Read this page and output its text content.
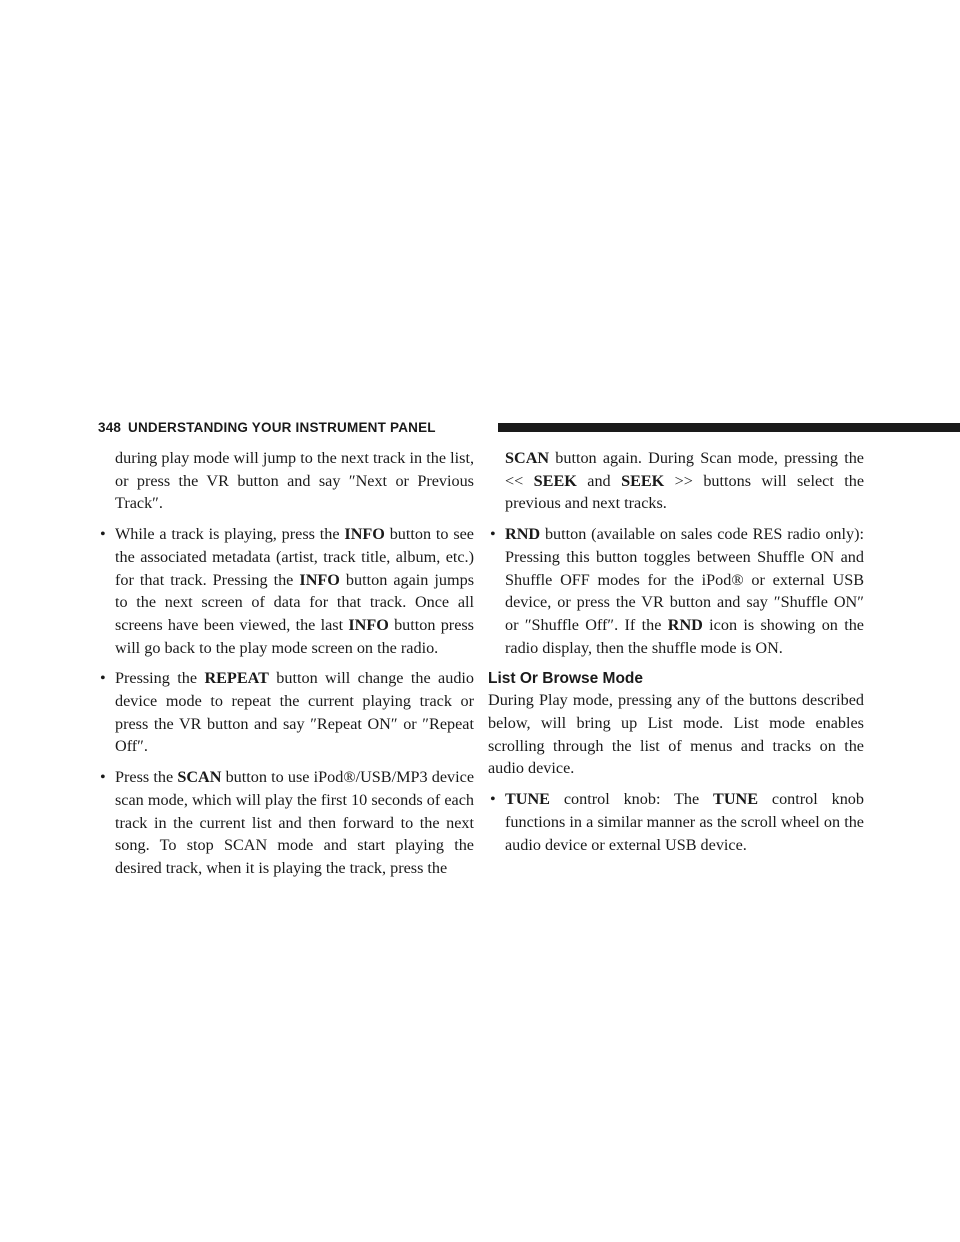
348 UNDERSTANDING YOUR INSTRUMENT PANEL

during play mode will jump to the next track in the list, or press the VR button and say ″Next or Previous Track″.

• While a track is playing, press the INFO button to see the associated metadata (artist, track title, album, etc.) for that track. Pressing the INFO button again jumps to the next screen of data for that track. Once all screens have been viewed, the last INFO button press will go back to the play mode screen on the radio.

• Pressing the REPEAT button will change the audio device mode to repeat the current playing track or press the VR button and say ″Repeat ON″ or ″Repeat Off″.

• Press the SCAN button to use iPod®/USB/MP3 device scan mode, which will play the first 10 seconds of each track in the current list and then forward to the next song. To stop SCAN mode and start playing the desired track, when it is playing the track, press the

SCAN button again. During Scan mode, pressing the << SEEK and SEEK >> buttons will select the previous and next tracks.

• RND button (available on sales code RES radio only): Pressing this button toggles between Shuffle ON and Shuffle OFF modes for the iPod® or external USB device, or press the VR button and say ″Shuffle ON″ or ″Shuffle Off″. If the RND icon is showing on the radio display, then the shuffle mode is ON.

List Or Browse Mode

During Play mode, pressing any of the buttons described below, will bring up List mode. List mode enables scrolling through the list of menus and tracks on the audio device.

• TUNE control knob: The TUNE control knob functions in a similar manner as the scroll wheel on the audio device or external USB device.
